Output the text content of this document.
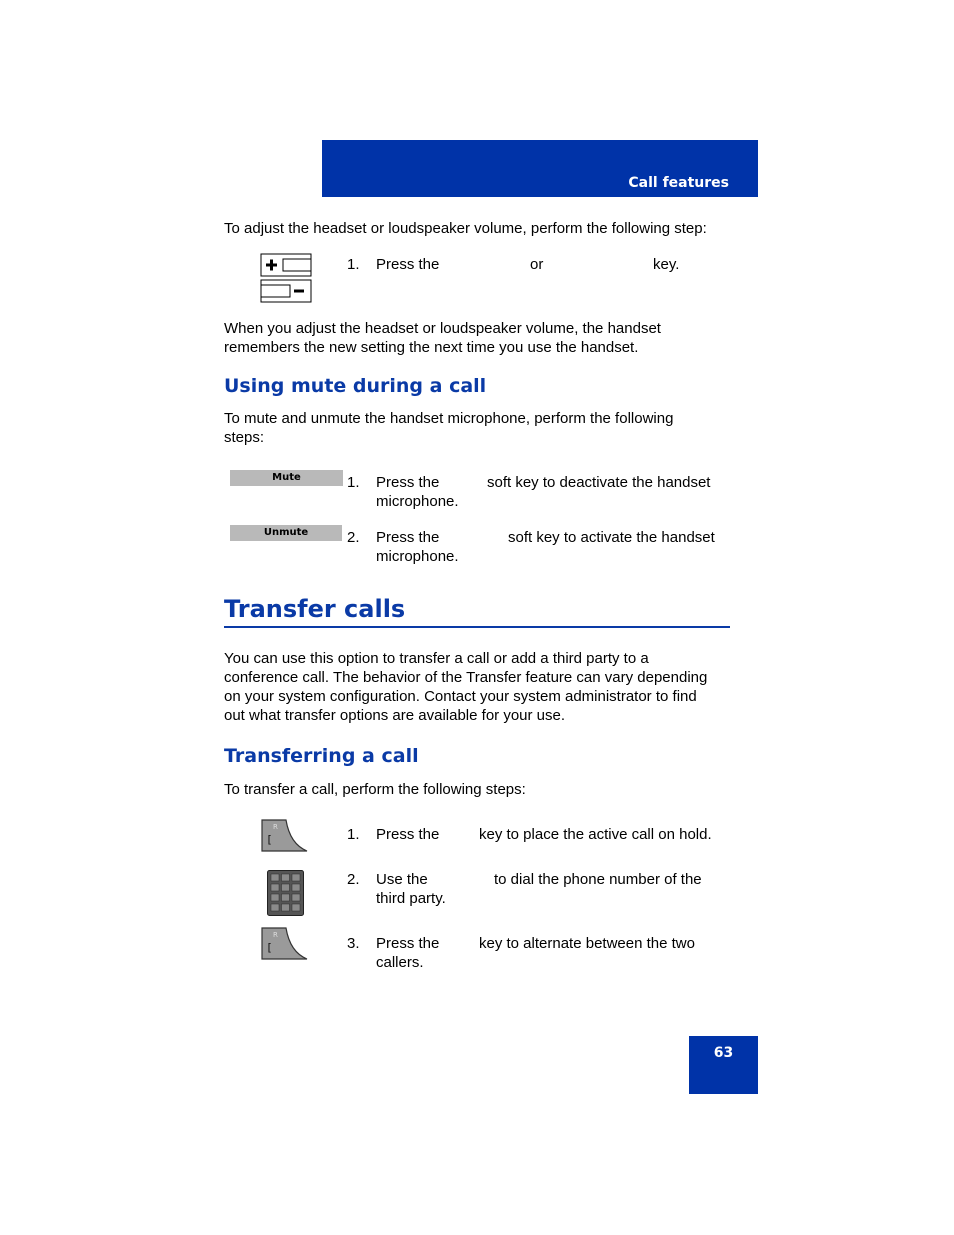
Call features

To adjust the headset or loudspeaker volume, perform the following step:

1. Press the	or	key.

When you adjust the headset or loudspeaker volume, the handset
remembers the new setting the next time you use the handset.

Using mute during a call

To mute and unmute the handset microphone, perform the following
steps:

Mute	1. Press the	soft key to deactivate the handset
microphone.
Unmute	2. Press the	soft key to activate the handset
microphone.
Transfer calls

You can use this option to transfer a call or add a third party to a
conference call. The behavior of the Transfer feature can vary depending
on your system configuration. Contact your system administrator to find
out what transfer options are available for your use.

Transferring a call

To transfer a call, perform the following steps:

R
[	1. Press the	key to place the active call on hold.
2. Use the	to dial the phone number of the
third party.
R
[	3. Press the	key to alternate between the two
callers.
63
